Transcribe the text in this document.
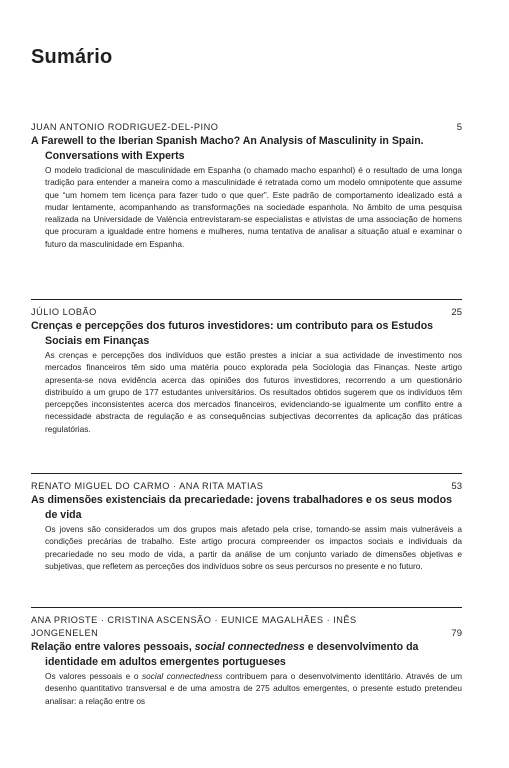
Sumário
JUAN ANTONIO RODRIGUEZ-DEL-PINO	5

A Farewell to the Iberian Spanish Macho? An Analysis of Masculinity in Spain. Conversations with Experts

O modelo tradicional de masculinidade em Espanha (o chamado macho espanhol) é o resultado de uma longa tradição para entender a maneira como a masculinidade é retratada como um modelo omnipotente que assume que “um homem tem licença para fazer tudo o que quer”. Este padrão de comportamento idealizado está a mudar lentamente, acompanhando as transformações na sociedade espanhola. No âmbito de uma pesquisa realizada na Universidade de València entrevistaram-se especialistas e ativistas de uma associação de homens que procuram a igualdade entre homens e mulheres, numa tentativa de analisar a situação atual e examinar o futuro da masculinidade em Espanha.

JÚLIO LOBÃO	25

Crenças e percepções dos futuros investidores: um contributo para os Estudos Sociais em Finanças

As crenças e percepções dos indivíduos que estão prestes a iniciar a sua actividade de investimento nos mercados financeiros têm sido uma matéria pouco explorada pela Sociologia das Finanças. Neste artigo apresenta-se nova evidência acerca das opiniões dos futuros investidores, recorrendo a um questionário distribuído a um grupo de 177 estudantes universitários. Os resultados obtidos sugerem que os indivíduos têm percepções inconsistentes acerca dos mercados financeiros, evidenciando-se igualmente um conflito entre a necessidade abstracta de regulação e as consequências subjectivas decorrentes da aplicação das práticas regulatórias.

RENATO MIGUEL DO CARMO · ANA RITA MATIAS	53

As dimensões existenciais da precariedade: jovens trabalhadores e os seus modos de vida

Os jovens são considerados um dos grupos mais afetado pela crise, tornando-se assim mais vulneráveis a condições precárias de trabalho. Este artigo procura compreender os impactos sociais e individuais da precariedade no seu modo de vida, a partir da análise de um conjunto variado de dimensões objetivas e subjetivas, que refletem as perceções dos indivíduos sobre os seus percursos no presente e no futuro.

ANA PRIOSTE · CRISTINA ASCENSÃO · EUNICE MAGALHÃES · INÊS JONGENELEN	79

Relação entre valores pessoais, social connectedness e desenvolvimento da identidade em adultos emergentes portugueses

Os valores pessoais e o social connectedness contribuem para o desenvolvimento identitário. Através de um desenho quantitativo transversal e de uma amostra de 275 adultos emergentes, o presente estudo pretendeu analisar: a relação entre os
